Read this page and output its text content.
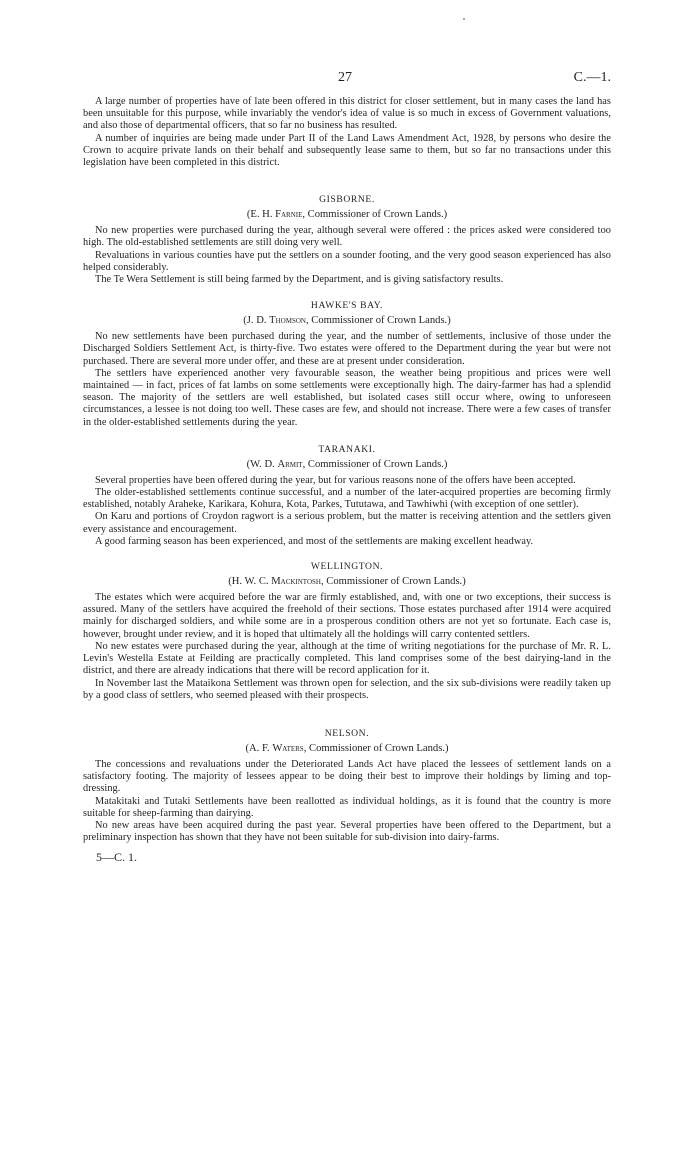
27	C.—1.

A large number of properties have of late been offered in this district for closer settlement, but in many cases the land has been unsuitable for this purpose, while invariably the vendor's idea of value is so much in excess of Government valuations, and also those of departmental officers, that so far no business has resulted.

A number of inquiries are being made under Part II of the Land Laws Amendment Act, 1928, by persons who desire the Crown to acquire private lands on their behalf and subsequently lease same to them, but so far no transactions under this legislation have been completed in this district.

GISBORNE.
(E. H. Farnie, Commissioner of Crown Lands.)

No new properties were purchased during the year, although several were offered : the prices asked were considered too high. The old-established settlements are still doing very well.

Revaluations in various counties have put the settlers on a sounder footing, and the very good season experienced has also helped considerably.

The Te Wera Settlement is still being farmed by the Department, and is giving satisfactory results.

HAWKE'S BAY.
(J. D. Thomson, Commissioner of Crown Lands.)

No new settlements have been purchased during the year, and the number of settlements, inclusive of those under the Discharged Soldiers Settlement Act, is thirty-five. Two estates were offered to the Department during the year but were not purchased. There are several more under offer, and these are at present under consideration.

The settlers have experienced another very favourable season, the weather being propitious and prices were well maintained — in fact, prices of fat lambs on some settlements were exceptionally high. The dairy-farmer has had a splendid season. The majority of the settlers are well established, but isolated cases still occur where, owing to unforeseen circumstances, a lessee is not doing too well. These cases are few, and should not increase. There were a few cases of transfer in the older-established settlements during the year.

TARANAKI.
(W. D. Armit, Commissioner of Crown Lands.)

Several properties have been offered during the year, but for various reasons none of the offers have been accepted.

The older-established settlements continue successful, and a number of the later-acquired properties are becoming firmly established, notably Araheke, Karikara, Kohura, Kota, Parkes, Tututawa, and Tawhiwhi (with exception of one settler).

On Karu and portions of Croydon ragwort is a serious problem, but the matter is receiving attention and the settlers given every assistance and encouragement.

A good farming season has been experienced, and most of the settlements are making excellent headway.

WELLINGTON.
(H. W. C. Mackintosh, Commissioner of Crown Lands.)

The estates which were acquired before the war are firmly established, and, with one or two exceptions, their success is assured. Many of the settlers have acquired the freehold of their sections. Those estates purchased after 1914 were acquired mainly for discharged soldiers, and while some are in a prosperous condition others are not yet so fortunate. Each case is, however, brought under review, and it is hoped that ultimately all the holdings will carry contented settlers.

No new estates were purchased during the year, although at the time of writing negotiations for the purchase of Mr. R. L. Levin's Westella Estate at Feilding are practically completed. This land comprises some of the best dairying-land in the district, and there are already indications that there will be record application for it.

In November last the Mataikona Settlement was thrown open for selection, and the six sub-divisions were readily taken up by a good class of settlers, who seemed pleased with their prospects.

NELSON.
(A. F. Waters, Commissioner of Crown Lands.)

The concessions and revaluations under the Deteriorated Lands Act have placed the lessees of settlement lands on a satisfactory footing. The majority of lessees appear to be doing their best to improve their holdings by liming and top-dressing.

Matakitaki and Tutaki Settlements have been reallotted as individual holdings, as it is found that the country is more suitable for sheep-farming than dairying.

No new areas have been acquired during the past year. Several properties have been offered to the Department, but a preliminary inspection has shown that they have not been suitable for sub-division into dairy-farms.

5—C. 1.
